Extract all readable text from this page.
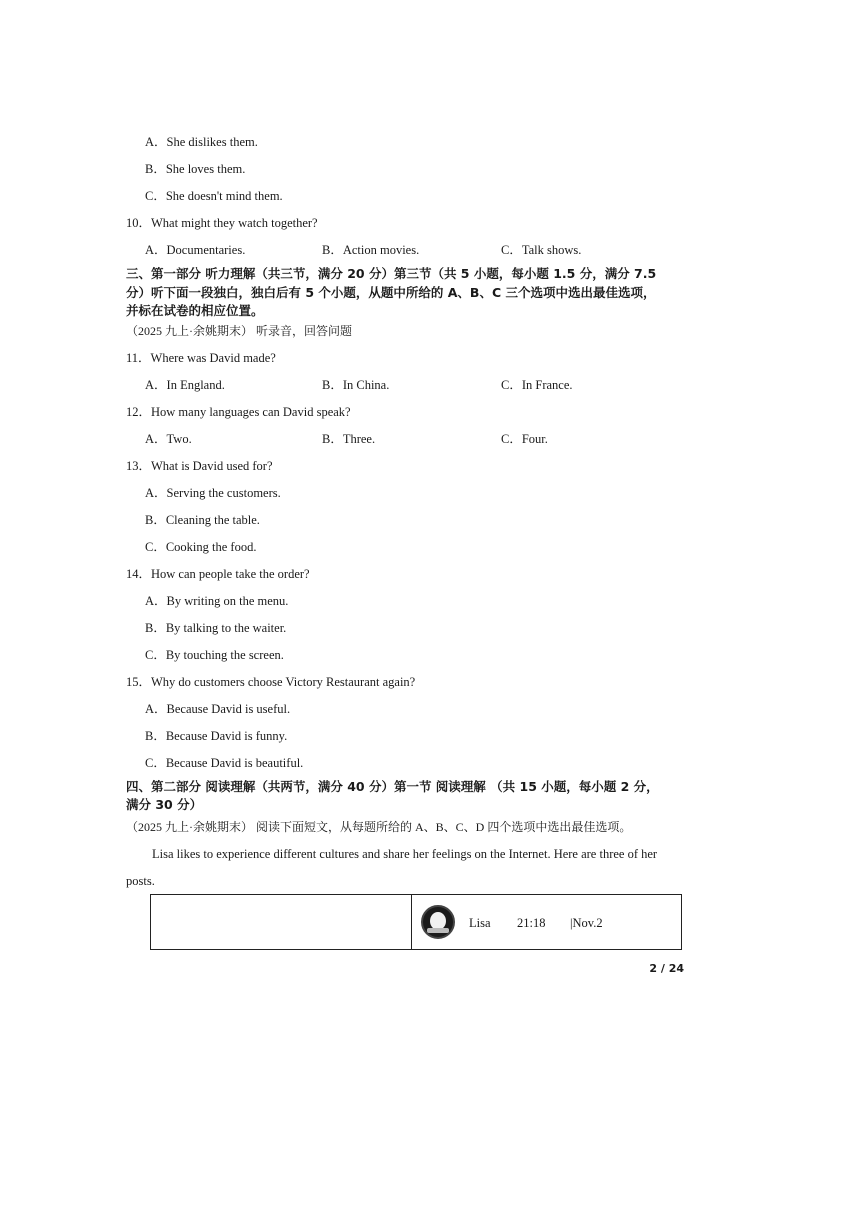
A．She dislikes them.
B．She loves them.
C．She doesn't mind them.
10．What might they watch together?
A．Documentaries.	B．Action movies.	C．Talk shows.
三、第一部分 听力理解（共三节，满分 20 分）第三节（共 5 小题，每小题 1.5 分，满分 7.5
分）听下面一段独白，独白后有 5 个小题，从题中所给的 A、B、C 三个选项中选出最佳选项，
并标在试卷的相应位置。
（2025 九上·余姚期末） 听录音，回答问题
11．Where was David made?
A．In England.	B．In China.	C．In France.
12．How many languages can David speak?
A．Two.	B．Three.	C．Four.
13．What is David used for?
A．Serving the customers.
B．Cleaning the table.
C．Cooking the food.
14．How can people take the order?
A．By writing on the menu.
B．By talking to the waiter.
C．By touching the screen.
15．Why do customers choose Victory Restaurant again?
A．Because David is useful.
B．Because David is funny.
C．Because David is beautiful.
四、第二部分 阅读理解（共两节，满分 40 分）第一节 阅读理解 （共 15 小题，每小题 2 分，
满分 30 分）
（2025 九上·余姚期末） 阅读下面短文，从每题所给的 A、B、C、D 四个选项中选出最佳选项。
Lisa likes to experience different cultures and share her feelings on the Internet. Here are three of her
posts.
Lisa 21:18 |Nov.2
2 / 24
